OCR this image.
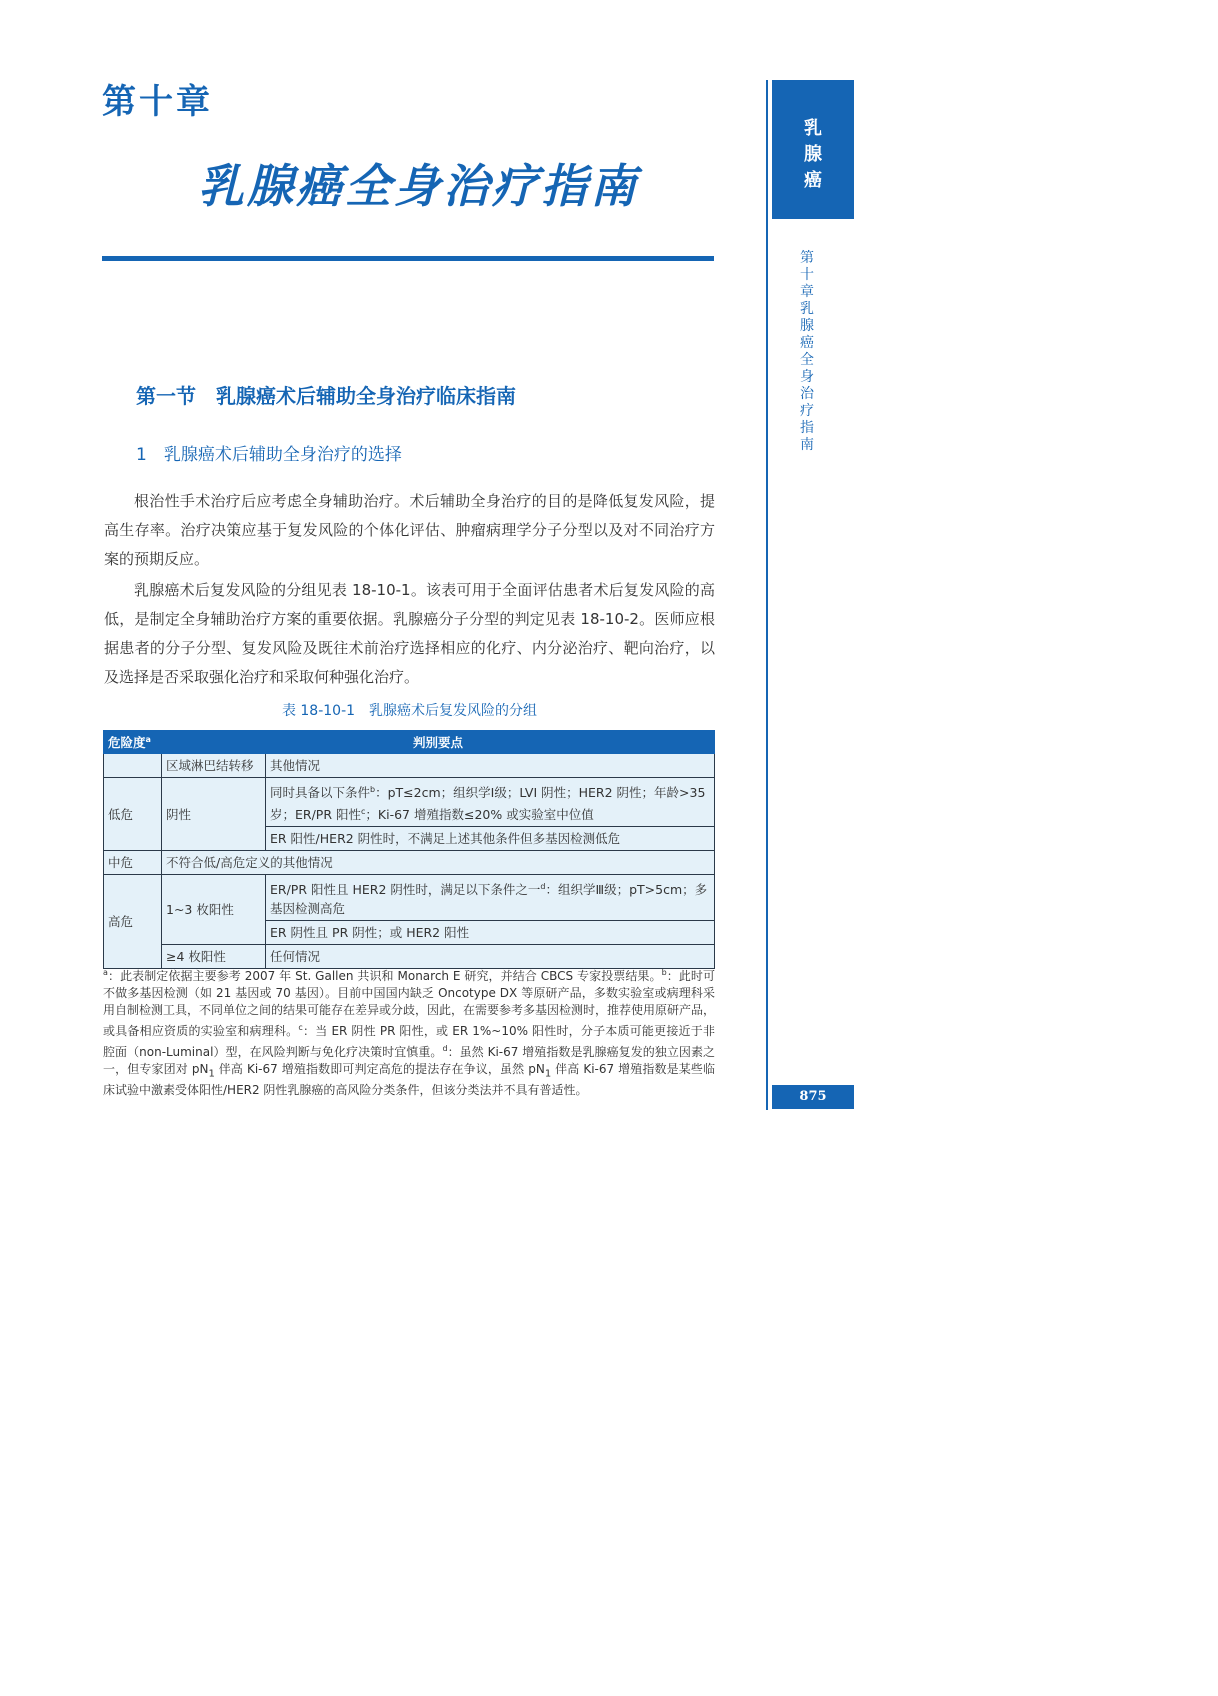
第十章
乳腺癌全身治疗指南
第一节　乳腺癌术后辅助全身治疗临床指南
1　乳腺癌术后辅助全身治疗的选择

根治性手术治疗后应考虑全身辅助治疗。术后辅助全身治疗的目的是降低复发风险，提高生存率。治疗决策应基于复发风险的个体化评估、肿瘤病理学分子分型以及对不同治疗方案的预期反应。

乳腺癌术后复发风险的分组见表 18-10-1。该表可用于全面评估患者术后复发风险的高低，是制定全身辅助治疗方案的重要依据。乳腺癌分子分型的判定见表 18-10-2。医师应根据患者的分子分型、复发风险及既往术前治疗选择相应的化疗、内分泌治疗、靶向治疗，以及选择是否采取强化治疗和采取何种强化治疗。

表 18-10-1　乳腺癌术后复发风险的分组
危险度$^a$	判别要点	
	区域淋巴结转移	其他情况
低危	阴性	同时具备以下条件$^b$：pT≤2cm；组织学Ⅰ级；LVI 阴性；HER2 阴性；年龄>35 岁；ER/PR 阳性$^c$；Ki-67 增殖指数≤20% 或实验室中位值
		ER 阳性/HER2 阴性时，不满足上述其他条件但多基因检测低危
中危	不符合低/高危定义的其他情况	
高危	1~3 枚阳性	ER/PR 阳性且 HER2 阴性时，满足以下条件之一$^d$：组织学Ⅲ级；pT>5cm；多基因检测高危
		ER 阴性且 PR 阴性；或 HER2 阳性
	≥4 枚阳性	任何情况

$^a$：此表制定依据主要参考 2007 年 St. Gallen 共识和 Monarch E 研究，并结合 CBCS 专家投票结果。$^b$：此时可不做多基因检测（如 21 基因或 70 基因）。目前中国国内缺乏 Oncotype DX 等原研产品，多数实验室或病理科采用自制检测工具，不同单位之间的结果可能存在差异或分歧，因此，在需要参考多基因检测时，推荐使用原研产品，或具备相应资质的实验室和病理科。$^c$：当 ER 阴性 PR 阳性，或 ER 1%~10% 阳性时，分子本质可能更接近于非腔面（non-Luminal）型，在风险判断与免化疗决策时宜慎重。$^d$：虽然 Ki-67 增殖指数是乳腺癌复发的独立因素之一，但专家团对 $pN_1$ 伴高 Ki-67 增殖指数即可判定高危的提法存在争议，虽然 $pN_1$ 伴高 Ki-67 增殖指数是某些临床试验中激素受体阳性/HER2 阴性乳腺癌的高风险分类条件，但该分类法并不具有普适性。

乳腺癌
第十章　乳腺癌全身治疗指南
875
